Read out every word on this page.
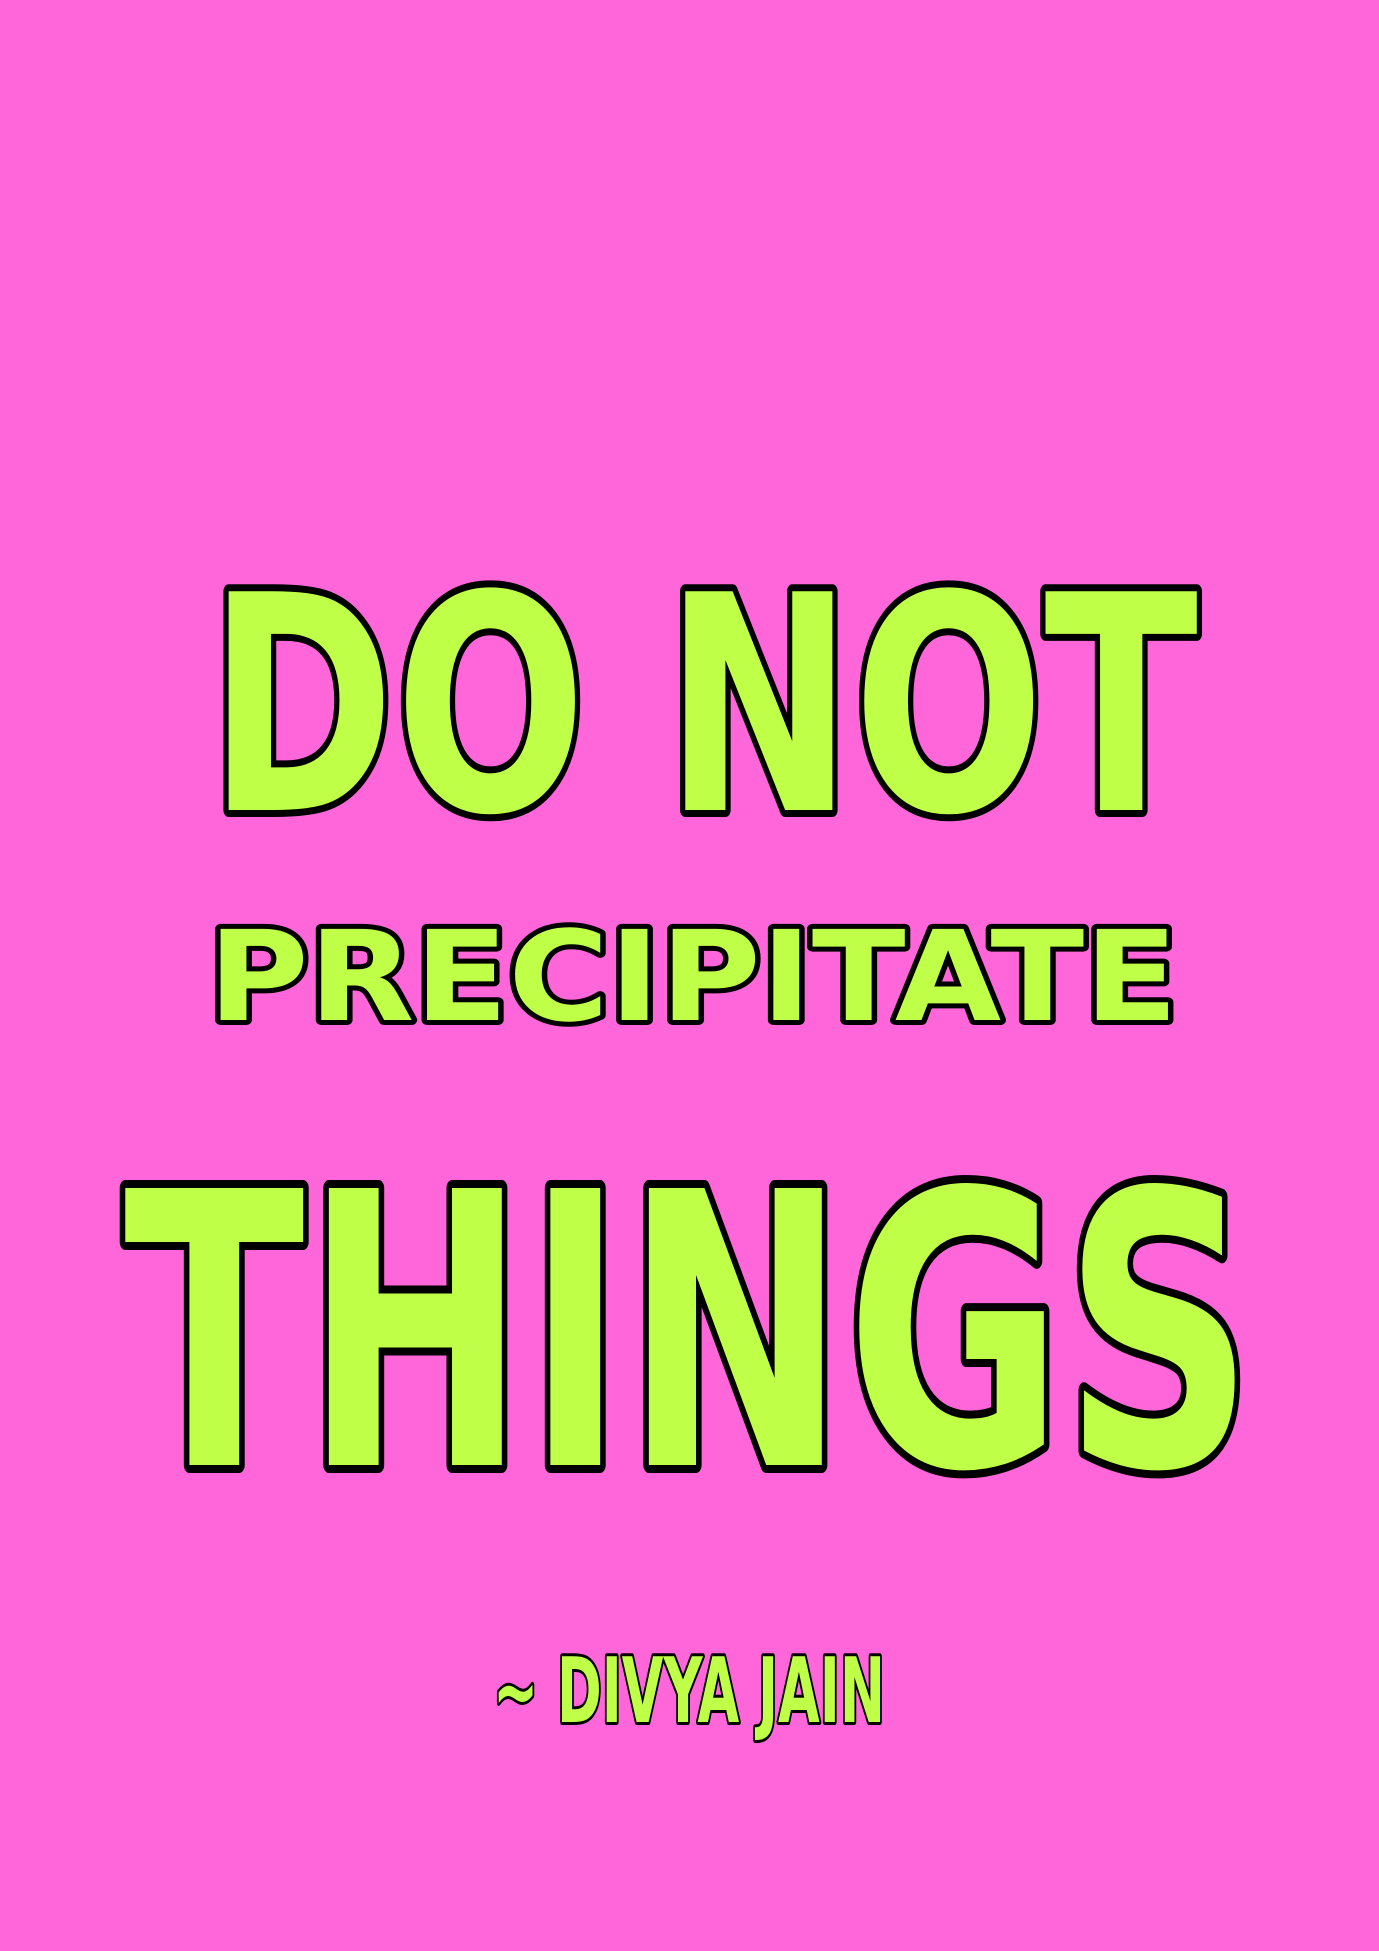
DO NOT
PRECIPITATE
THINGS
~ DIVYA JAIN
